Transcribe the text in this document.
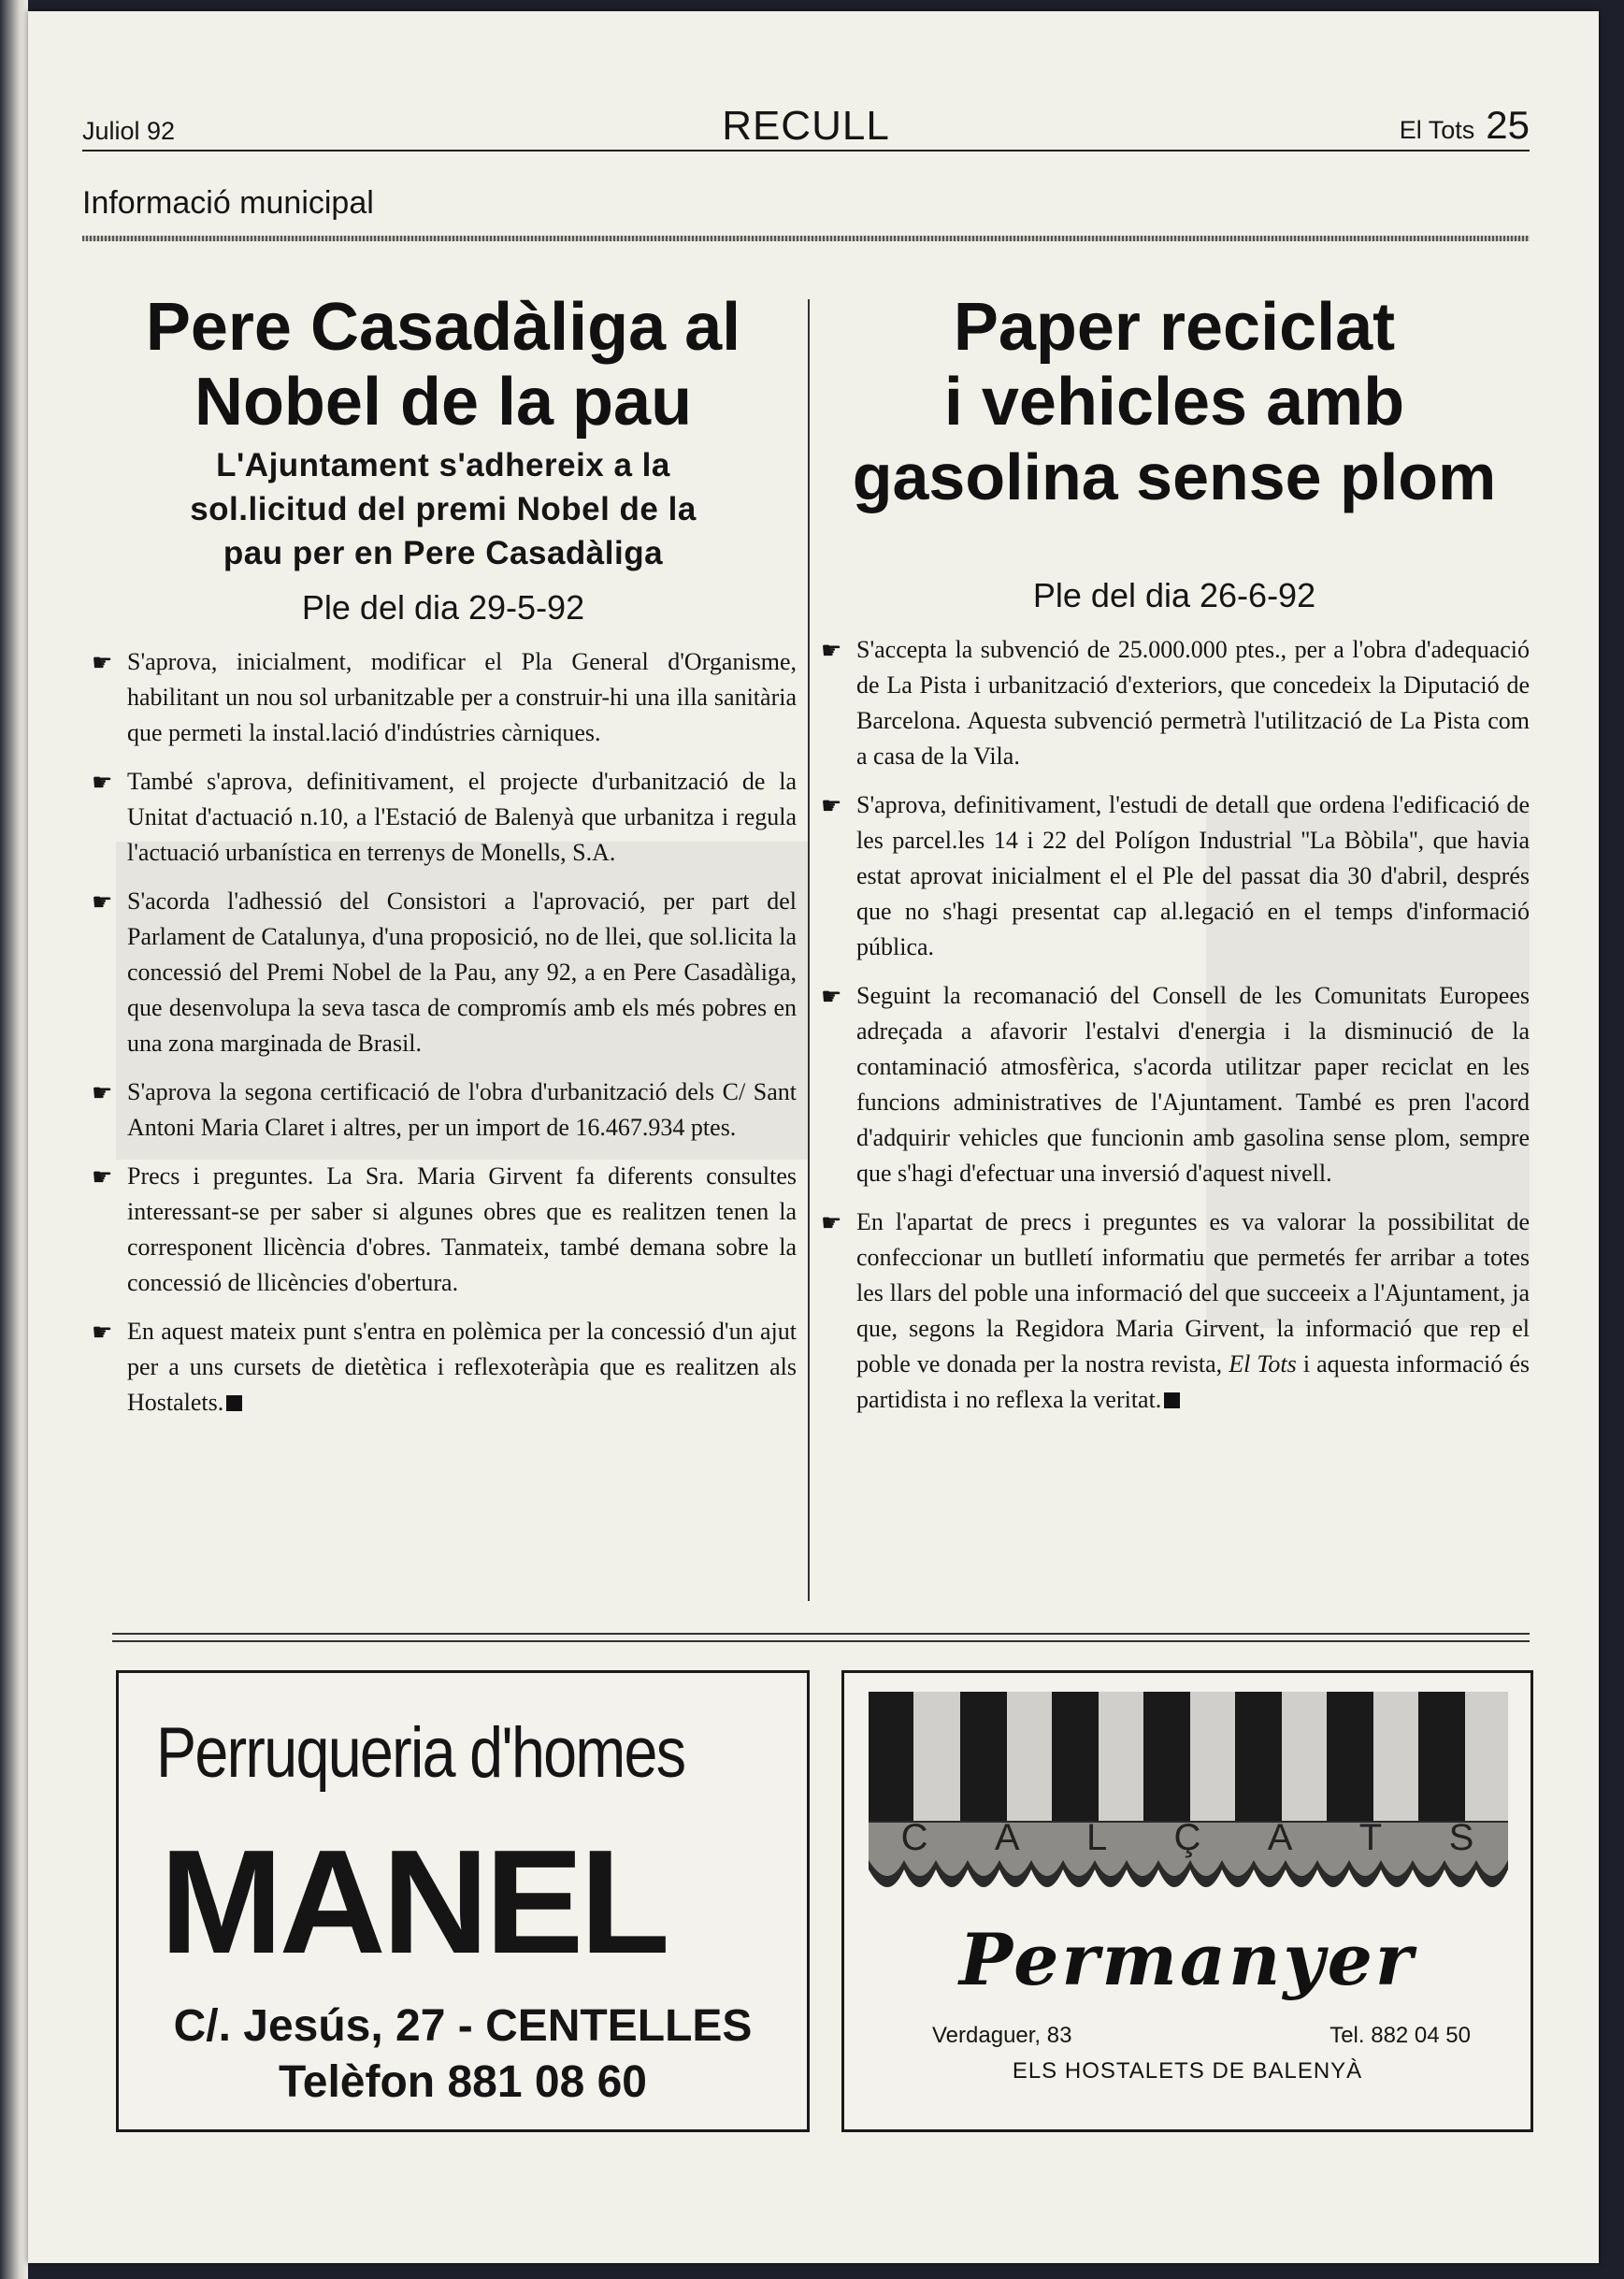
Juliol 92	RECULL	El Tots 25
Informació municipal
Pere Casadàliga al
Nobel de la pau
L'Ajuntament s'adhereix a la
sol.licitud del premi Nobel de la
pau per en Pere Casadàliga
Ple del dia 29-5-92

☛ S'aprova, inicialment, modificar el Pla General d'Organisme, habilitant un nou sol urbanitzable per a construir-hi una illa sanitària que permeti la instal.lació d'indústries càrniques.

☛ També s'aprova, definitivament, el projecte d'urbanització de la Unitat d'actuació n.10, a l'Estació de Balenyà que urbanitza i regula l'actuació urbanística en terrenys de Monells, S.A.

☛ S'acorda l'adhessió del Consistori a l'aprovació, per part del Parlament de Catalunya, d'una proposició, no de llei, que sol.licita la concessió del Premi Nobel de la Pau, any 92, a en Pere Casadàliga, que desenvolupa la seva tasca de compromís amb els més pobres en una zona marginada de Brasil.

☛ S'aprova la segona certificació de l'obra d'urbanització dels C/ Sant Antoni Maria Claret i altres, per un import de 16.467.934 ptes.

☛ Precs i preguntes. La Sra. Maria Girvent fa diferents consultes interessant-se per saber si algunes obres que es realitzen tenen la corresponent llicència d'obres. Tanmateix, també demana sobre la concessió de llicències d'obertura.

☛ En aquest mateix punt s'entra en polèmica per la concessió d'un ajut per a uns cursets de dietètica i reflexoteràpia que es realitzen als Hostalets.

Paper reciclat
i vehicles amb
gasolina sense plom
Ple del dia 26-6-92

☛ S'accepta la subvenció de 25.000.000 ptes., per a l'obra d'adequació de La Pista i urbanització d'exteriors, que concedeix la Diputació de Barcelona. Aquesta subvenció permetrà l'utilització de La Pista com a casa de la Vila.

☛ S'aprova, definitivament, l'estudi de detall que ordena l'edificació de les parcel.les 14 i 22 del Polígon Industrial ''La Bòbila'', que havia estat aprovat inicialment el el Ple del passat dia 30 d'abril, després que no s'hagi presentat cap al.legació en el temps d'informació pública.

☛ Seguint la recomanació del Consell de les Comunitats Europees adreçada a afavorir l'estalvi d'energia i la disminució de la contaminació atmosfèrica, s'acorda utilitzar paper reciclat en les funcions administratives de l'Ajuntament. També es pren l'acord d'adquirir vehicles que funcionin amb gasolina sense plom, sempre que s'hagi d'efectuar una inversió d'aquest nivell.

☛ En l'apartat de precs i preguntes es va valorar la possibilitat de confeccionar un butlletí informatiu que permetés fer arribar a totes les llars del poble una informació del que succeeix a l'Ajuntament, ja que, segons la Regidora Maria Girvent, la informació que rep el poble ve donada per la nostra revista, El Tots i aquesta informació és partidista i no reflexa la veritat.

Perruqueria d'homes
MANEL
C/. Jesús, 27 - CENTELLES
Telèfon 881 08 60
C A L Ç A T S
Permanyer
Verdaguer, 83	Tel. 882 04 50
ELS HOSTALETS DE BALENYÀ
